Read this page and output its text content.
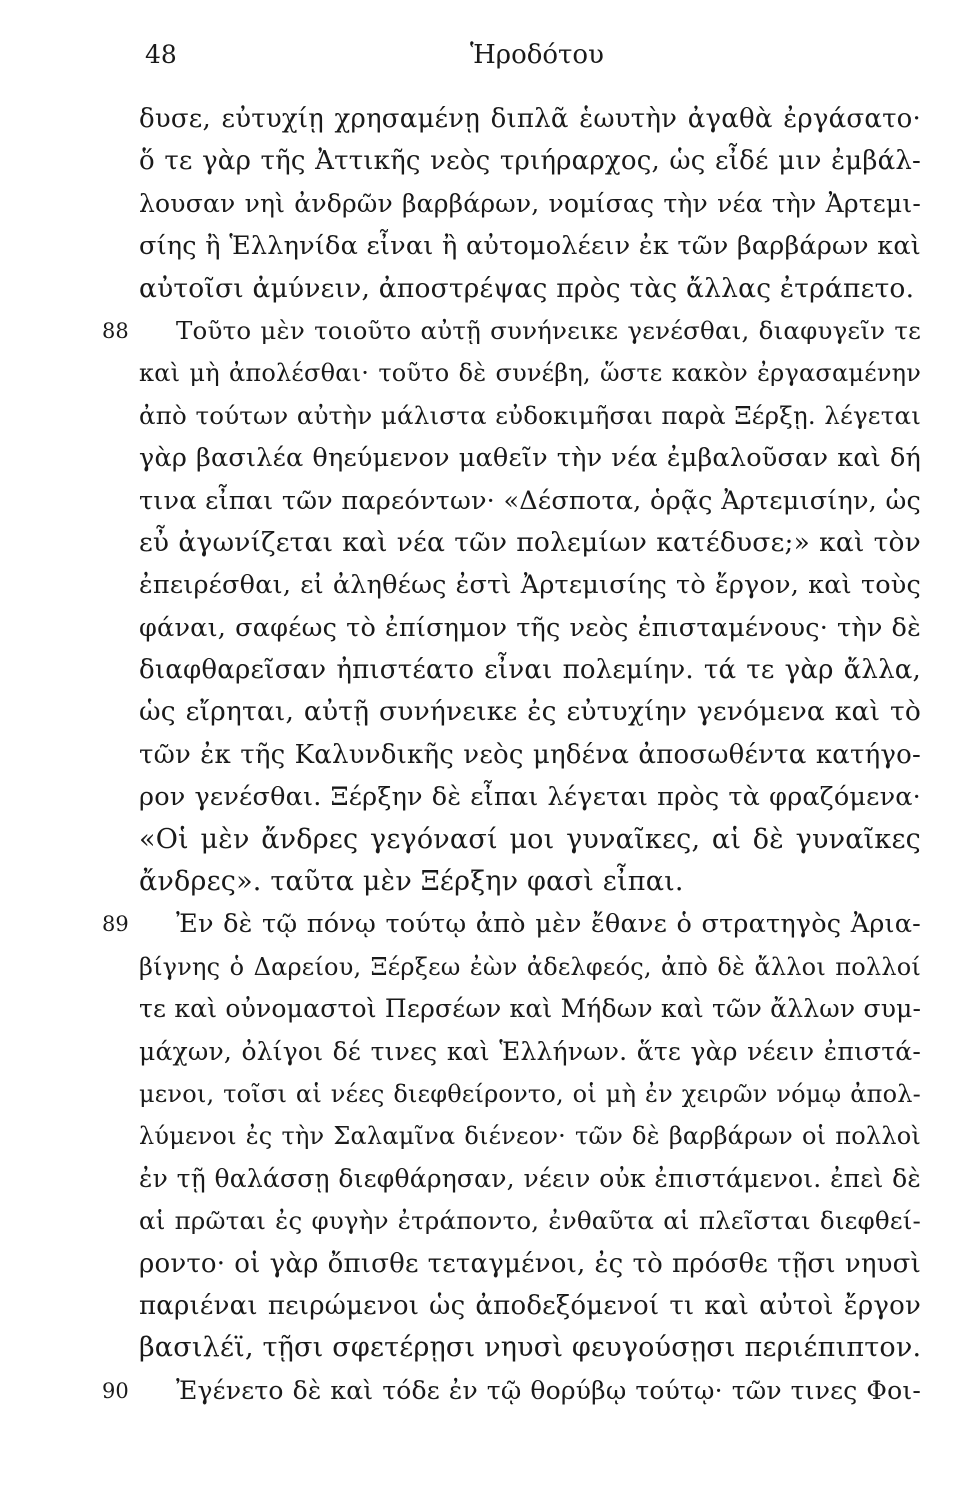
48	Ἡροδότου
δυσε, εὐτυχίῃ χρησαμένῃ διπλᾶ ἑωυτὴν ἀγαθὰ ἐργάσατο·
ὅ τε γὰρ τῆς Ἀττικῆς νεὸς τριήραρχος, ὡς εἶδέ μιν ἐμβάλ-
λουσαν νηὶ ἀνδρῶν βαρβάρων, νομίσας τὴν νέα τὴν Ἀρτεμι-
σίης ἢ Ἑλληνίδα εἶναι ἢ αὐτομολέειν ἐκ τῶν βαρβάρων καὶ
αὐτοῖσι ἀμύνειν, ἀποστρέψας πρὸς τὰς ἄλλας ἐτράπετο.
88 Τοῦτο μὲν τοιοῦτο αὐτῇ συνήνεικε γενέσθαι, διαφυγεῖν τε
καὶ μὴ ἀπολέσθαι· τοῦτο δὲ συνέβη, ὥστε κακὸν ἐργασαμένην
ἀπὸ τούτων αὐτὴν μάλιστα εὐδοκιμῆσαι παρὰ Ξέρξῃ. λέγεται
γὰρ βασιλέα θηεύμενον μαθεῖν τὴν νέα ἐμβαλοῦσαν καὶ δή
τινα εἶπαι τῶν παρεόντων· «Δέσποτα, ὁρᾷς Ἀρτεμισίην, ὡς
εὖ ἀγωνίζεται καὶ νέα τῶν πολεμίων κατέδυσε;» καὶ τὸν
ἐπειρέσθαι, εἰ ἀληθέως ἐστὶ Ἀρτεμισίης τὸ ἔργον, καὶ τοὺς
φάναι, σαφέως τὸ ἐπίσημον τῆς νεὸς ἐπισταμένους· τὴν δὲ
διαφθαρεῖσαν ἠπιστέατο εἶναι πολεμίην. τά τε γὰρ ἄλλα,
ὡς εἴρηται, αὐτῇ συνήνεικε ἐς εὐτυχίην γενόμενα καὶ τὸ
τῶν ἐκ τῆς Καλυνδικῆς νεὸς μηδένα ἀποσωθέντα κατήγο-
ρον γενέσθαι. Ξέρξην δὲ εἶπαι λέγεται πρὸς τὰ φραζόμενα·
«Οἱ μὲν ἄνδρες γεγόνασί μοι γυναῖκες, αἱ δὲ γυναῖκες
ἄνδρες». ταῦτα μὲν Ξέρξην φασὶ εἶπαι.
89 Ἐν δὲ τῷ πόνῳ τούτῳ ἀπὸ μὲν ἔθανε ὁ στρατηγὸς Ἀρια-
βίγνης ὁ Δαρείου, Ξέρξεω ἐὼν ἀδελφεός, ἀπὸ δὲ ἄλλοι πολλοί
τε καὶ οὐνομαστοὶ Περσέων καὶ Μήδων καὶ τῶν ἄλλων συμ-
μάχων, ὀλίγοι δέ τινες καὶ Ἑλλήνων. ἅτε γὰρ νέειν ἐπιστά-
μενοι, τοῖσι αἱ νέες διεφθείροντο, οἱ μὴ ἐν χειρῶν νόμῳ ἀπολ-
λύμενοι ἐς τὴν Σαλαμῖνα διένεον· τῶν δὲ βαρβάρων οἱ πολλοὶ
ἐν τῇ θαλάσσῃ διεφθάρησαν, νέειν οὐκ ἐπιστάμενοι. ἐπεὶ δὲ
αἱ πρῶται ἐς φυγὴν ἐτράποντο, ἐνθαῦτα αἱ πλεῖσται διεφθεί-
ροντο· οἱ γὰρ ὄπισθε τεταγμένοι, ἐς τὸ πρόσθε τῇσι νηυσὶ
παριέναι πειρώμενοι ὡς ἀποδεξόμενοί τι καὶ αὐτοὶ ἔργον
βασιλέϊ, τῇσι σφετέρῃσι νηυσὶ φευγούσῃσι περιέπιπτον.
90 Ἐγένετο δὲ καὶ τόδε ἐν τῷ θορύβῳ τούτῳ· τῶν τινες Φοι-
